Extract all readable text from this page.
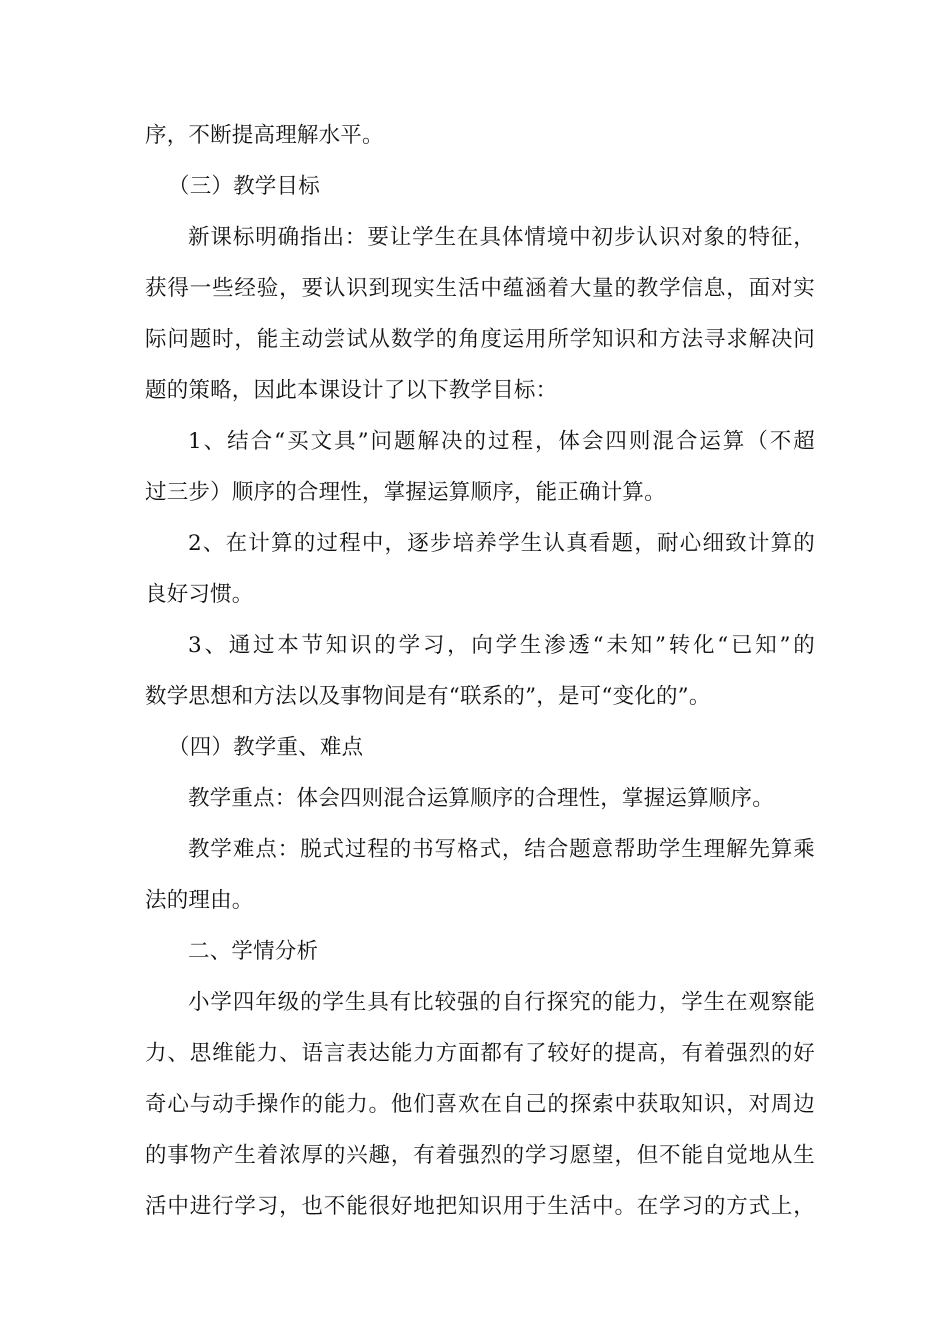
序，不断提高理解水平。
（三）教学目标
新课标明确指出：要让学生在具体情境中初步认识对象的特征，
获得一些经验，要认识到现实生活中蕴涵着大量的教学信息，面对实
际问题时，能主动尝试从数学的角度运用所学知识和方法寻求解决问
题的策略，因此本课设计了以下教学目标：
1、结合“买文具”问题解决的过程，体会四则混合运算（不超
过三步）顺序的合理性，掌握运算顺序，能正确计算。
2、在计算的过程中，逐步培养学生认真看题，耐心细致计算的
良好习惯。
3、通过本节知识的学习，向学生渗透“未知”转化“已知”的
数学思想和方法以及事物间是有“联系的”，是可“变化的”。
（四）教学重、难点
教学重点：体会四则混合运算顺序的合理性，掌握运算顺序。
教学难点：脱式过程的书写格式，结合题意帮助学生理解先算乘
法的理由。
二、学情分析
小学四年级的学生具有比较强的自行探究的能力，学生在观察能
力、思维能力、语言表达能力方面都有了较好的提高，有着强烈的好
奇心与动手操作的能力。他们喜欢在自己的探索中获取知识，对周边
的事物产生着浓厚的兴趣，有着强烈的学习愿望，但不能自觉地从生
活中进行学习，也不能很好地把知识用于生活中。在学习的方式上，
